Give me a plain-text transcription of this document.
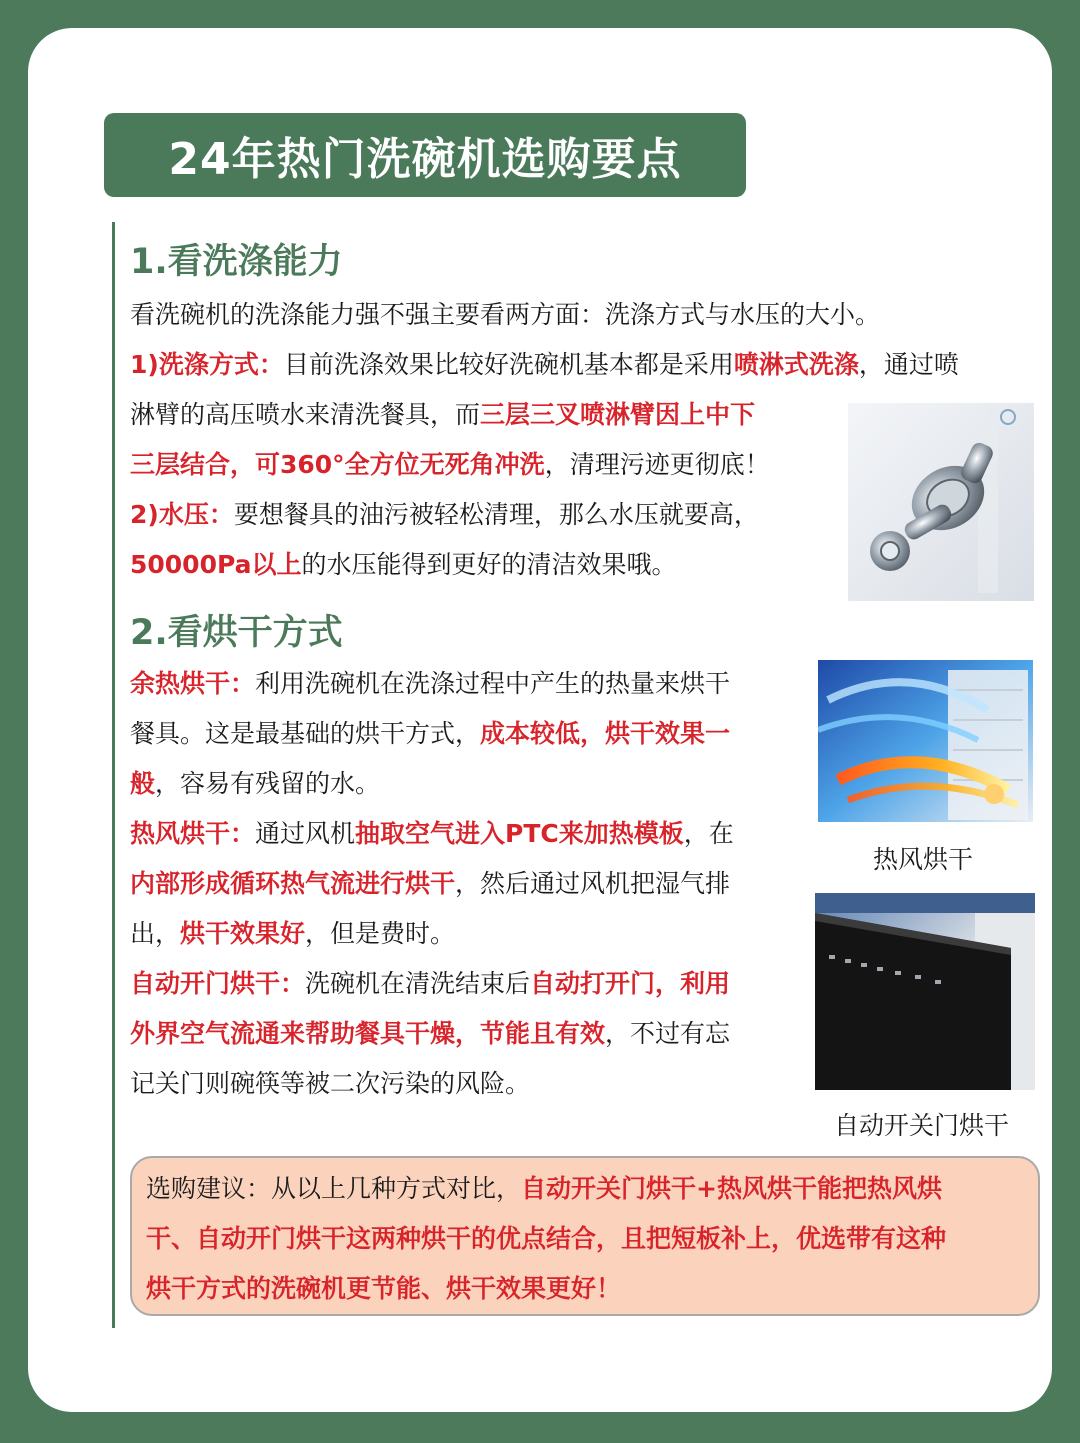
24年热门洗碗机选购要点
1.看洗涤能力
看洗碗机的洗涤能力强不强主要看两方面：洗涤方式与水压的大小。
1)洗涤方式：目前洗涤效果比较好洗碗机基本都是采用喷淋式洗涤，通过喷
淋臂的高压喷水来清洗餐具，而三层三叉喷淋臂因上中下
三层结合，可360°全方位无死角冲洗，清理污迹更彻底！
2)水压：要想餐具的油污被轻松清理，那么水压就要高，
50000Pa以上的水压能得到更好的清洁效果哦。
2.看烘干方式
余热烘干：利用洗碗机在洗涤过程中产生的热量来烘干
餐具。这是最基础的烘干方式，成本较低，烘干效果一
般，容易有残留的水。
热风烘干：通过风机抽取空气进入PTC来加热模板，在
内部形成循环热气流进行烘干，然后通过风机把湿气排
出，烘干效果好，但是费时。
自动开门烘干：洗碗机在清洗结束后自动打开门，利用
外界空气流通来帮助餐具干燥，节能且有效，不过有忘
记关门则碗筷等被二次污染的风险。
热风烘干
自动开关门烘干
选购建议：从以上几种方式对比，自动开关门烘干+热风烘干能把热风烘
干、自动开门烘干这两种烘干的优点结合，且把短板补上，优选带有这种
烘干方式的洗碗机更节能、烘干效果更好！
